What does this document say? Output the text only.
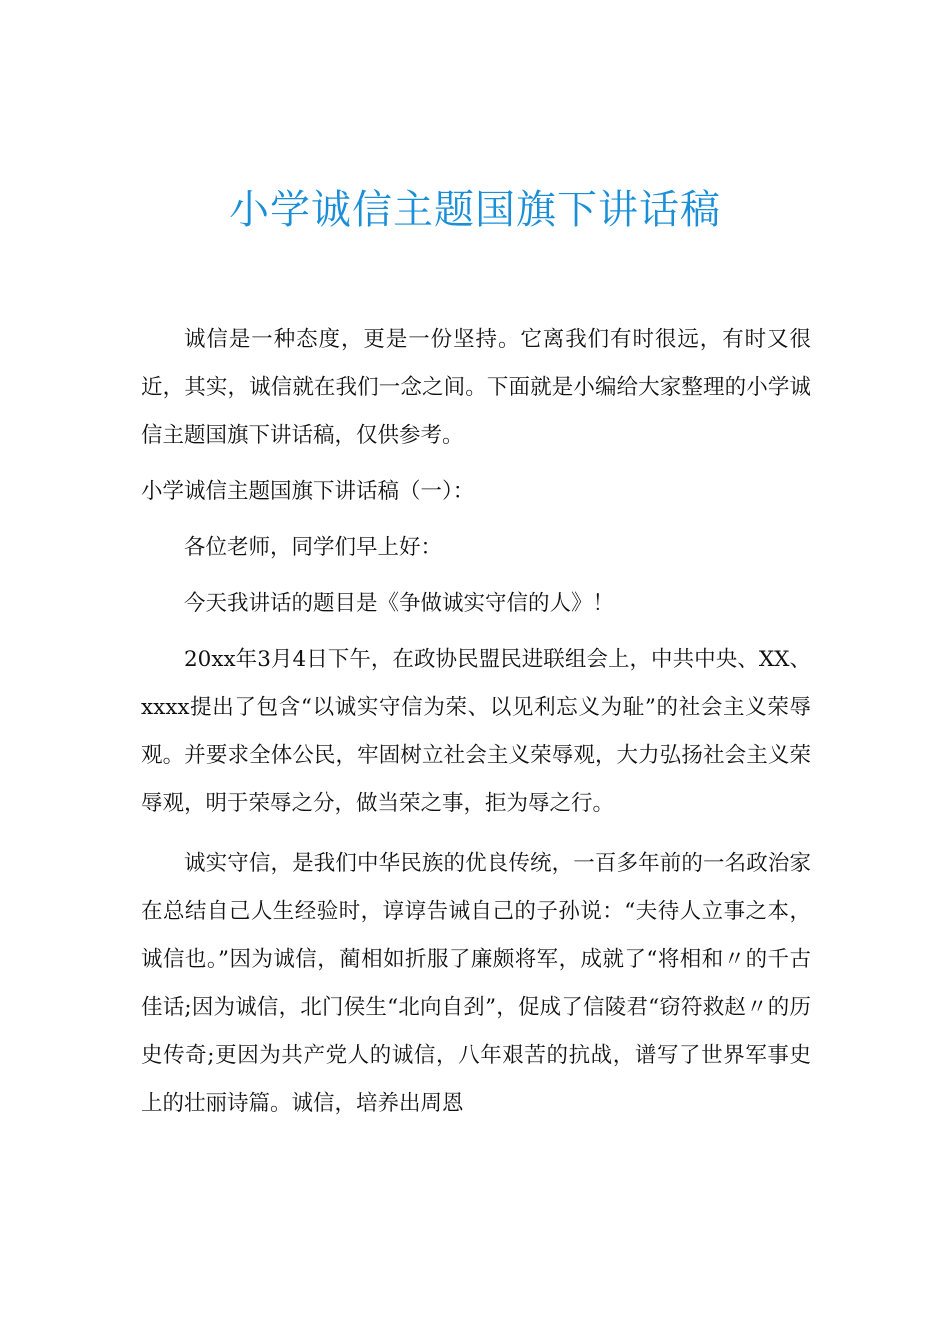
小学诚信主题国旗下讲话稿

诚信是一种态度，更是一份坚持。它离我们有时很远，有时又很近，其实，诚信就在我们一念之间。下面就是小编给大家整理的小学诚信主题国旗下讲话稿，仅供参考。

小学诚信主题国旗下讲话稿（一）：

各位老师，同学们早上好：

今天我讲话的题目是《争做诚实守信的人》！

20xx年3月4日下午，在政协民盟民进联组会上，中共中央、XX、xxxx提出了包含“以诚实守信为荣、以见利忘义为耻”的社会主义荣辱观。并要求全体公民，牢固树立社会主义荣辱观，大力弘扬社会主义荣辱观，明于荣辱之分，做当荣之事，拒为辱之行。

诚实守信，是我们中华民族的优良传统，一百多年前的一名政治家在总结自己人生经验时，谆谆告诫自己的子孙说：“夫待人立事之本，诚信也。”因为诚信，蔺相如折服了廉颇将军，成就了“将相和〃的千古佳话;因为诚信，北门侯生“北向自刭”，促成了信陵君“窃符救赵〃的历史传奇;更因为共产党人的诚信，八年艰苦的抗战，谱写了世界军事史上的壮丽诗篇。诚信，培养出周恩
